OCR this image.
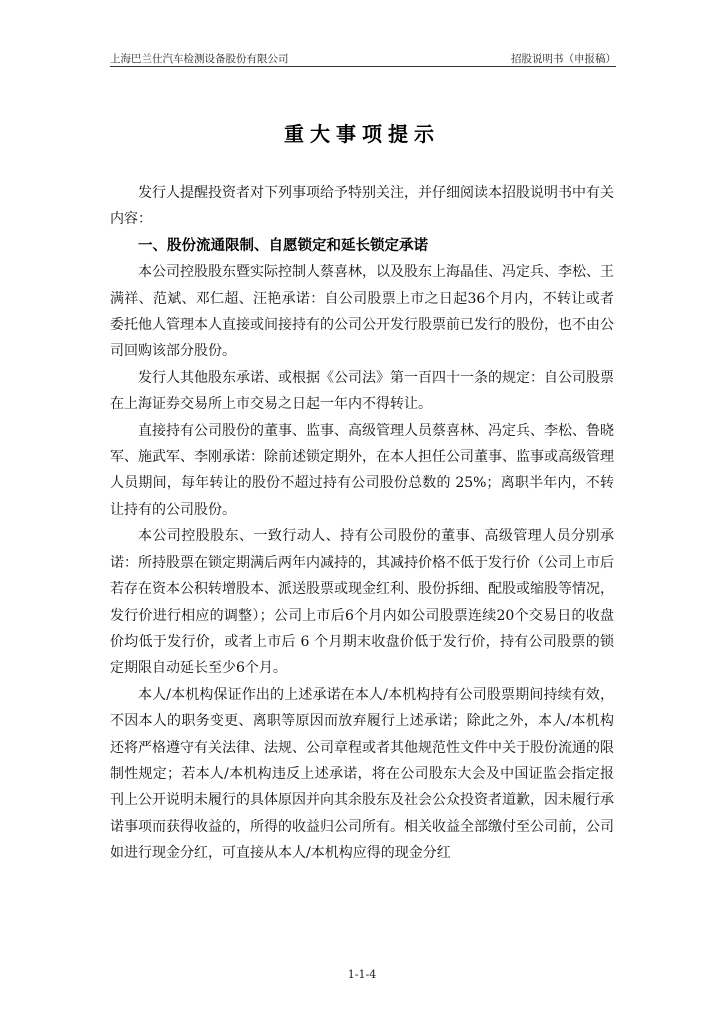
上海巴兰仕汽车检测设备股份有限公司	招股说明书（申报稿）
重大事项提示

发行人提醒投资者对下列事项给予特别关注，并仔细阅读本招股说明书中有关内容：

一、股份流通限制、自愿锁定和延长锁定承诺

本公司控股股东暨实际控制人蔡喜林，以及股东上海晶佳、冯定兵、李松、王满祥、范斌、邓仁超、汪艳承诺：自公司股票上市之日起36个月内，不转让或者委托他人管理本人直接或间接持有的公司公开发行股票前已发行的股份，也不由公司回购该部分股份。

发行人其他股东承诺、或根据《公司法》第一百四十一条的规定：自公司股票在上海证券交易所上市交易之日起一年内不得转让。

直接持有公司股份的董事、监事、高级管理人员蔡喜林、冯定兵、李松、鲁晓军、施武军、李刚承诺：除前述锁定期外，在本人担任公司董事、监事或高级管理人员期间，每年转让的股份不超过持有公司股份总数的 25%；离职半年内，不转让持有的公司股份。

本公司控股股东、一致行动人、持有公司股份的董事、高级管理人员分别承诺：所持股票在锁定期满后两年内减持的，其减持价格不低于发行价（公司上市后若存在资本公积转增股本、派送股票或现金红利、股份拆细、配股或缩股等情况，发行价进行相应的调整）；公司上市后6个月内如公司股票连续20个交易日的收盘价均低于发行价，或者上市后 6 个月期末收盘价低于发行价，持有公司股票的锁定期限自动延长至少6个月。

本人/本机构保证作出的上述承诺在本人/本机构持有公司股票期间持续有效，不因本人的职务变更、离职等原因而放弃履行上述承诺；除此之外，本人/本机构还将严格遵守有关法律、法规、公司章程或者其他规范性文件中关于股份流通的限制性规定；若本人/本机构违反上述承诺，将在公司股东大会及中国证监会指定报刊上公开说明未履行的具体原因并向其余股东及社会公众投资者道歉，因未履行承诺事项而获得收益的，所得的收益归公司所有。相关收益全部缴付至公司前，公司如进行现金分红，可直接从本人/本机构应得的现金分红

1-1-4
